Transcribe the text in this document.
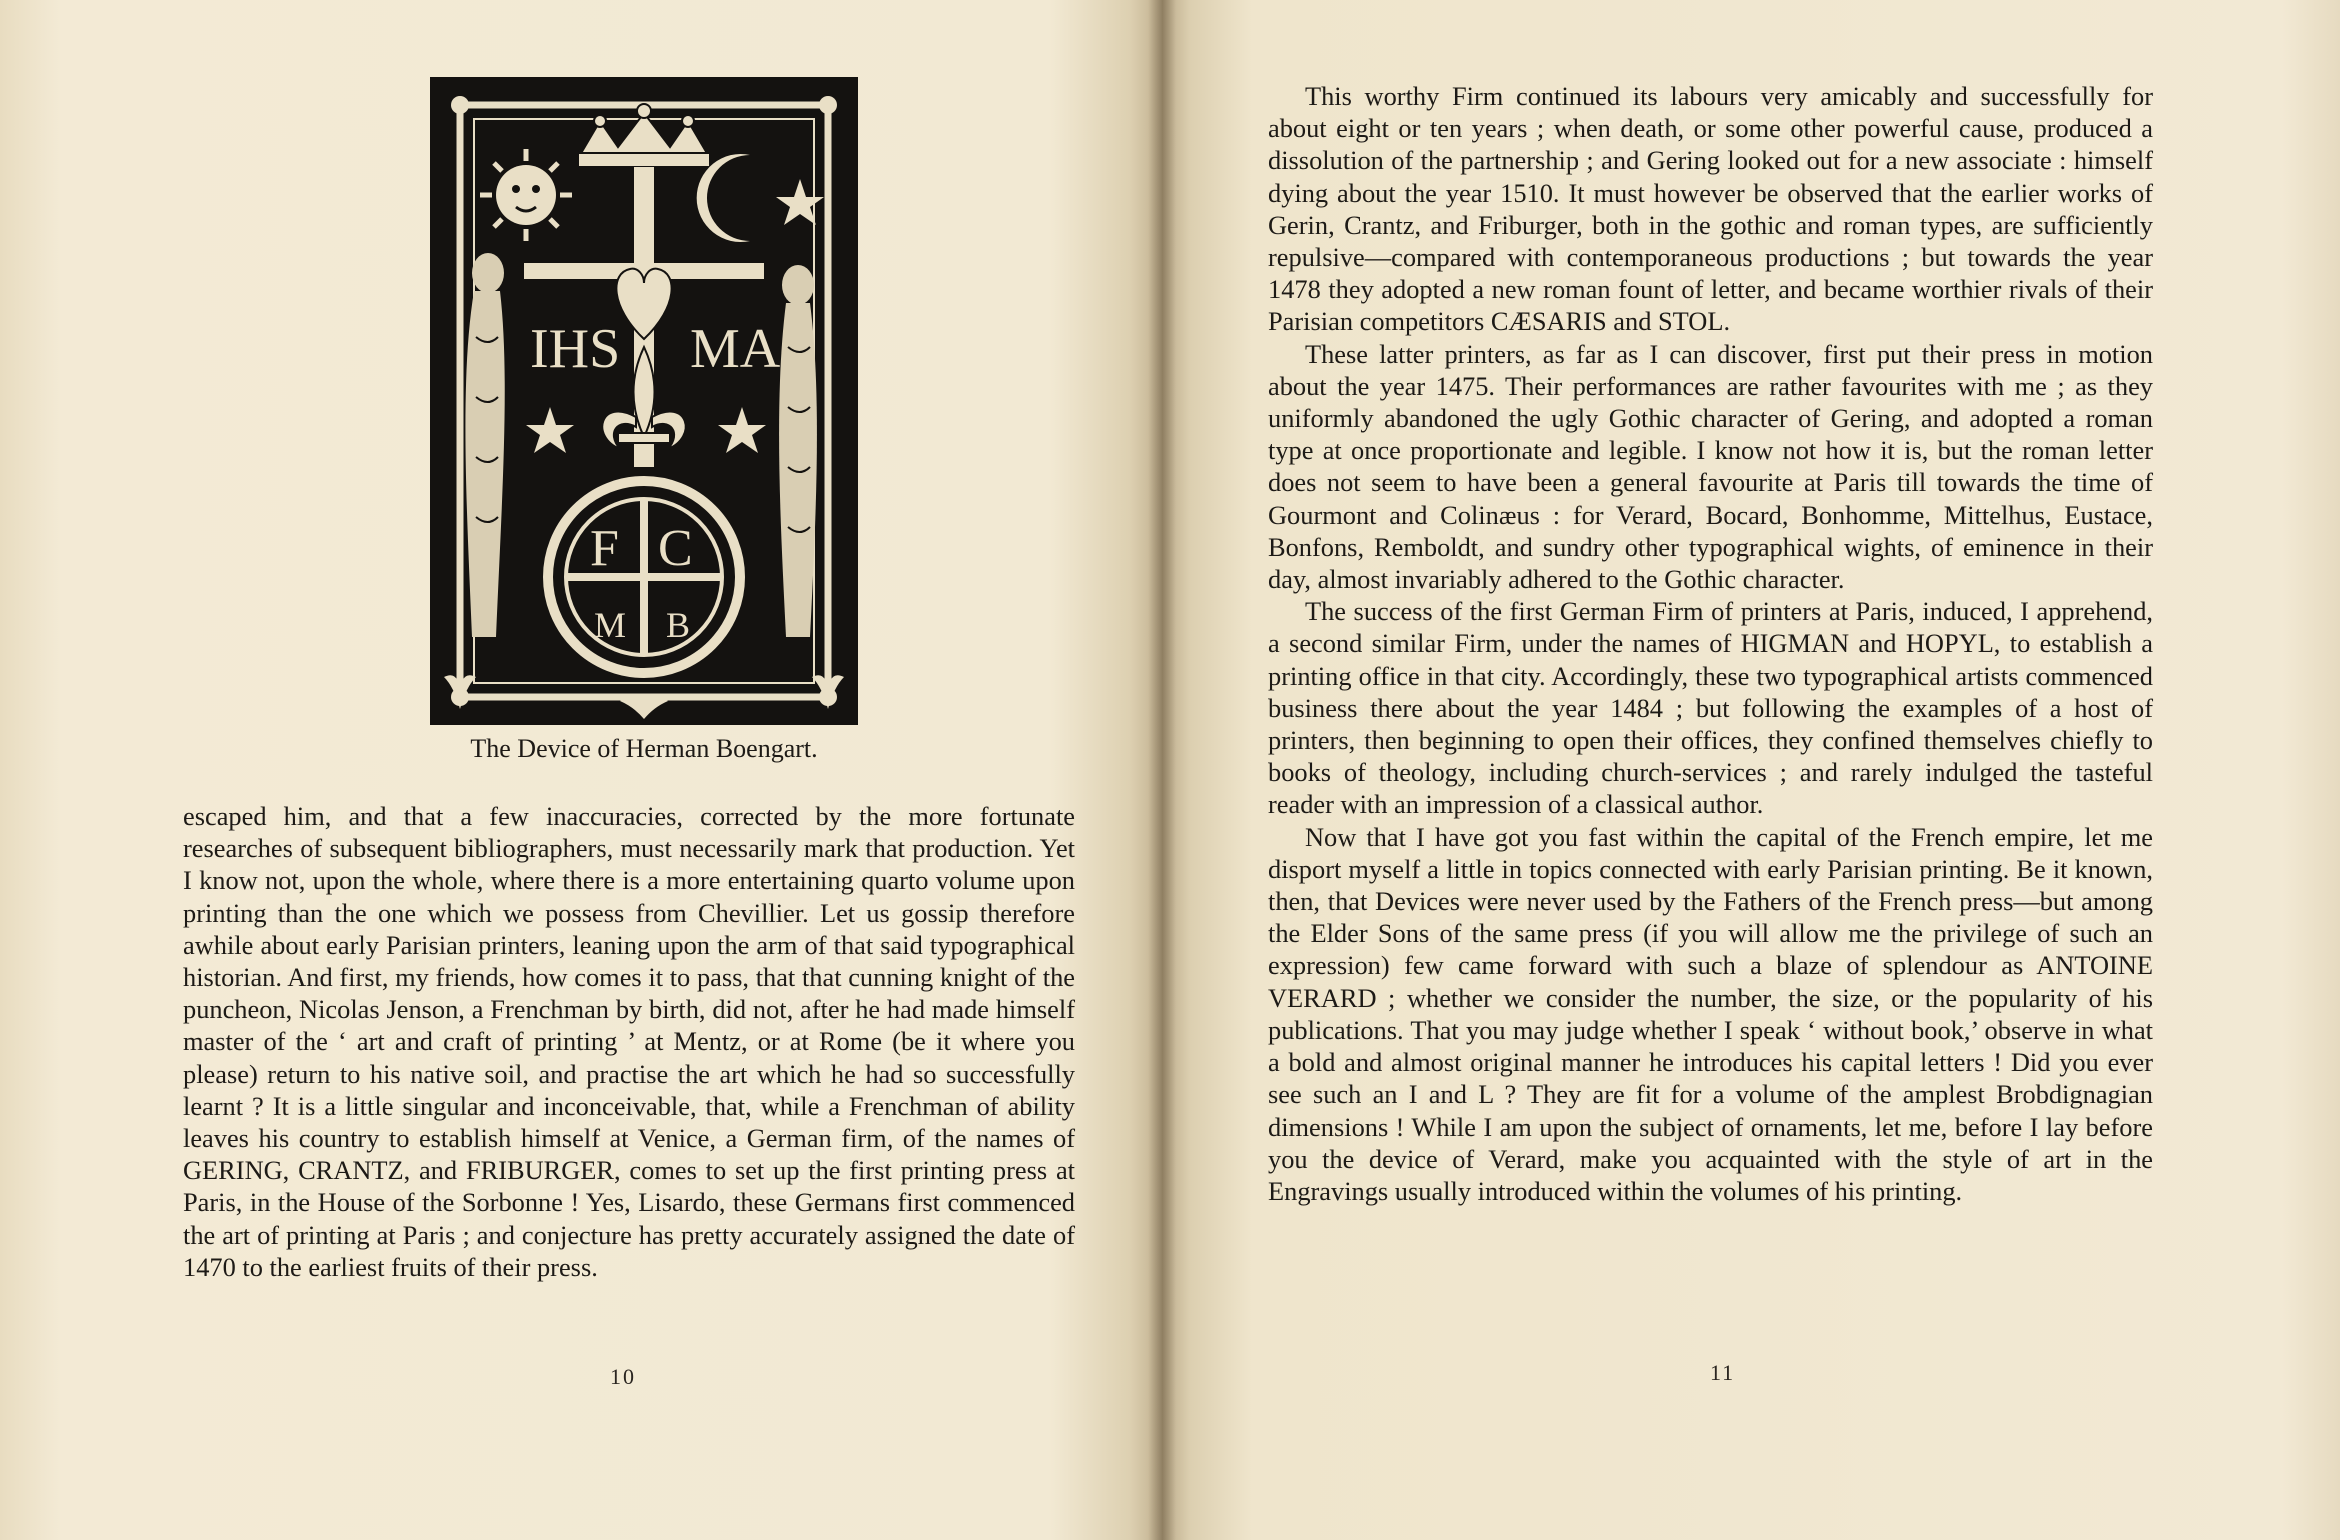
IHS MA
F C
M B
The Device of Herman Boengart.

escaped him, and that a few inaccuracies, corrected by the more fortunate researches of subsequent bibliographers, must necessarily mark that production. Yet I know not, upon the whole, where there is a more entertaining quarto volume upon printing than the one which we possess from Chevillier. Let us gossip therefore awhile about early Parisian printers, leaning upon the arm of that said typographical historian. And first, my friends, how comes it to pass, that that cunning knight of the puncheon, Nicolas Jenson, a Frenchman by birth, did not, after he had made himself master of the ‘ art and craft of printing ’ at Mentz, or at Rome (be it where you please) return to his native soil, and practise the art which he had so successfully learnt ? It is a little singular and inconceivable, that, while a Frenchman of ability leaves his country to establish himself at Venice, a German firm, of the names of GERING, CRANTZ, and FRIBURGER, comes to set up the first printing press at Paris, in the House of the Sorbonne ! Yes, Lisardo, these Germans first commenced the art of printing at Paris ; and conjecture has pretty accurately assigned the date of 1470 to the earliest fruits of their press.

10

This worthy Firm continued its labours very amicably and successfully for about eight or ten years ; when death, or some other powerful cause, produced a dissolution of the partnership ; and Gering looked out for a new associate : himself dying about the year 1510. It must however be observed that the earlier works of Gerin, Crantz, and Friburger, both in the gothic and roman types, are sufficiently repulsive—compared with contemporaneous productions ; but towards the year 1478 they adopted a new roman fount of letter, and became worthier rivals of their Parisian competitors CÆSARIS and STOL.

These latter printers, as far as I can discover, first put their press in motion about the year 1475. Their performances are rather favourites with me ; as they uniformly abandoned the ugly Gothic character of Gering, and adopted a roman type at once proportionate and legible. I know not how it is, but the roman letter does not seem to have been a general favourite at Paris till towards the time of Gourmont and Colinæus : for Verard, Bocard, Bonhomme, Mittelhus, Eustace, Bonfons, Remboldt, and sundry other typographical wights, of eminence in their day, almost invariably adhered to the Gothic character.

The success of the first German Firm of printers at Paris, induced, I apprehend, a second similar Firm, under the names of HIGMAN and HOPYL, to establish a printing office in that city. Accordingly, these two typographical artists commenced business there about the year 1484 ; but following the examples of a host of printers, then beginning to open their offices, they confined themselves chiefly to books of theology, including church-services ; and rarely indulged the tasteful reader with an impression of a classical author.

Now that I have got you fast within the capital of the French empire, let me disport myself a little in topics connected with early Parisian printing. Be it known, then, that Devices were never used by the Fathers of the French press—but among the Elder Sons of the same press (if you will allow me the privilege of such an expression) few came forward with such a blaze of splendour as ANTOINE VERARD ; whether we consider the number, the size, or the popularity of his publications. That you may judge whether I speak ‘ without book,’ observe in what a bold and almost original manner he introduces his capital letters ! Did you ever see such an I and L ? They are fit for a volume of the amplest Brobdignagian dimensions ! While I am upon the subject of ornaments, let me, before I lay before you the device of Verard, make you acquainted with the style of art in the Engravings usually introduced within the volumes of his printing.

11
